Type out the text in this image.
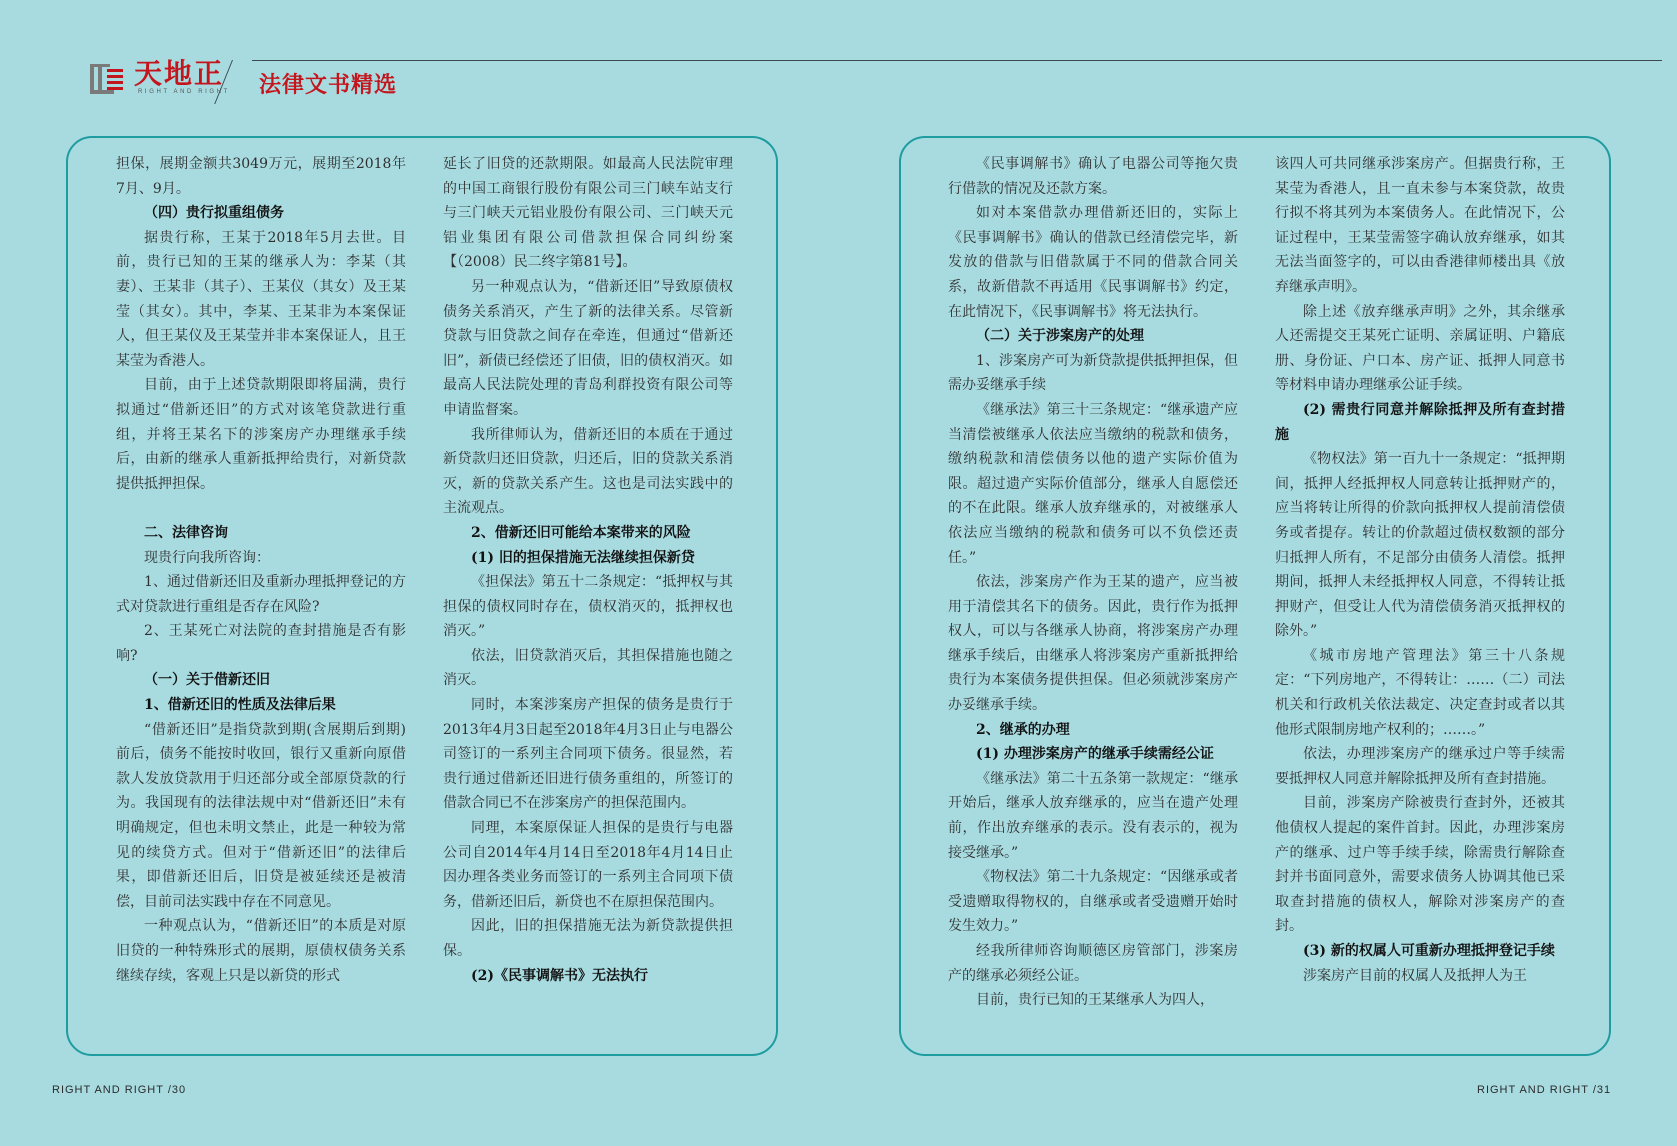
天地正
RIGHT AND RIGHT 法律文书精选

担保，展期金额共3049万元，展期至2018年7月、9月。

（四）贵行拟重组债务

据贵行称，王某于2018年5月去世。目前，贵行已知的王某的继承人为：李某（其妻）、王某非（其子）、王某仪（其女）及王某莹（其女）。其中，李某、王某非为本案保证人，但王某仪及王某莹并非本案保证人，且王某莹为香港人。

目前，由于上述贷款期限即将届满，贵行拟通过“借新还旧”的方式对该笔贷款进行重组，并将王某名下的涉案房产办理继承手续后，由新的继承人重新抵押给贵行，对新贷款提供抵押担保。

二、法律咨询

现贵行向我所咨询：

1、通过借新还旧及重新办理抵押登记的方式对贷款进行重组是否存在风险?

2、王某死亡对法院的查封措施是否有影响?

（一）关于借新还旧

1、借新还旧的性质及法律后果

“借新还旧”是指贷款到期(含展期后到期)前后，债务不能按时收回，银行又重新向原借款人发放贷款用于归还部分或全部原贷款的行为。我国现有的法律法规中对“借新还旧”未有明确规定，但也未明文禁止，此是一种较为常见的续贷方式。但对于“借新还旧”的法律后果，即借新还旧后，旧贷是被延续还是被清偿，目前司法实践中存在不同意见。

一种观点认为，“借新还旧”的本质是对原旧贷的一种特殊形式的展期，原债权债务关系继续存续，客观上只是以新贷的形式

延长了旧贷的还款期限。如最高人民法院审理的中国工商银行股份有限公司三门峡车站支行与三门峡天元铝业股份有限公司、三门峡天元铝业集团有限公司借款担保合同纠纷案【（2008）民二终字第81号】。

另一种观点认为，“借新还旧”导致原债权债务关系消灭，产生了新的法律关系。尽管新贷款与旧贷款之间存在牵连，但通过“借新还旧”，新债已经偿还了旧债，旧的债权消灭。如最高人民法院处理的青岛利群投资有限公司等申请监督案。

我所律师认为，借新还旧的本质在于通过新贷款归还旧贷款，归还后，旧的贷款关系消灭，新的贷款关系产生。这也是司法实践中的主流观点。

2、借新还旧可能给本案带来的风险

(1) 旧的担保措施无法继续担保新贷

《担保法》第五十二条规定：“抵押权与其担保的债权同时存在，债权消灭的，抵押权也消灭。”

依法，旧贷款消灭后，其担保措施也随之消灭。

同时，本案涉案房产担保的债务是贵行于2013年4月3日起至2018年4月3日止与电器公司签订的一系列主合同项下债务。很显然，若贵行通过借新还旧进行债务重组的，所签订的借款合同已不在涉案房产的担保范围内。

同理，本案原保证人担保的是贵行与电器公司自2014年4月14日至2018年4月14日止因办理各类业务而签订的一系列主合同项下债务，借新还旧后，新贷也不在原担保范围内。

因此，旧的担保措施无法为新贷款提供担保。

(2)《民事调解书》无法执行

《民事调解书》确认了电器公司等拖欠贵行借款的情况及还款方案。

如对本案借款办理借新还旧的，实际上《民事调解书》确认的借款已经清偿完毕，新发放的借款与旧借款属于不同的借款合同关系，故新借款不再适用《民事调解书》约定，在此情况下，《民事调解书》将无法执行。

（二）关于涉案房产的处理

1、涉案房产可为新贷款提供抵押担保，但需办妥继承手续

《继承法》第三十三条规定：“继承遗产应当清偿被继承人依法应当缴纳的税款和债务，缴纳税款和清偿债务以他的遗产实际价值为限。超过遗产实际价值部分，继承人自愿偿还的不在此限。继承人放弃继承的，对被继承人依法应当缴纳的税款和债务可以不负偿还责任。”

依法，涉案房产作为王某的遗产，应当被用于清偿其名下的债务。因此，贵行作为抵押权人，可以与各继承人协商，将涉案房产办理继承手续后，由继承人将涉案房产重新抵押给贵行为本案债务提供担保。但必须就涉案房产办妥继承手续。

2、继承的办理

(1) 办理涉案房产的继承手续需经公证

《继承法》第二十五条第一款规定：“继承开始后，继承人放弃继承的，应当在遗产处理前，作出放弃继承的表示。没有表示的，视为接受继承。”

《物权法》第二十九条规定：“因继承或者受遗赠取得物权的，自继承或者受遗赠开始时发生效力。”

经我所律师咨询顺德区房管部门，涉案房产的继承必须经公证。

目前，贵行已知的王某继承人为四人，

该四人可共同继承涉案房产。但据贵行称，王某莹为香港人，且一直未参与本案贷款，故贵行拟不将其列为本案债务人。在此情况下，公证过程中，王某莹需签字确认放弃继承，如其无法当面签字的，可以由香港律师楼出具《放弃继承声明》。

除上述《放弃继承声明》之外，其余继承人还需提交王某死亡证明、亲属证明、户籍底册、身份证、户口本、房产证、抵押人同意书等材料申请办理继承公证手续。

(2) 需贵行同意并解除抵押及所有查封措施

《物权法》第一百九十一条规定：“抵押期间，抵押人经抵押权人同意转让抵押财产的，应当将转让所得的价款向抵押权人提前清偿债务或者提存。转让的价款超过债权数额的部分归抵押人所有，不足部分由债务人清偿。抵押期间，抵押人未经抵押权人同意，不得转让抵押财产，但受让人代为清偿债务消灭抵押权的除外。”

《城市房地产管理法》第三十八条规定：“下列房地产，不得转让：……（二）司法机关和行政机关依法裁定、决定查封或者以其他形式限制房地产权利的；……。”

依法，办理涉案房产的继承过户等手续需要抵押权人同意并解除抵押及所有查封措施。

目前，涉案房产除被贵行查封外，还被其他债权人提起的案件首封。因此，办理涉案房产的继承、过户等手续手续，除需贵行解除查封并书面同意外，需要求债务人协调其他已采取查封措施的债权人，解除对涉案房产的查封。

(3) 新的权属人可重新办理抵押登记手续

涉案房产目前的权属人及抵押人为王

RIGHT AND RIGHT /30	RIGHT AND RIGHT /31
